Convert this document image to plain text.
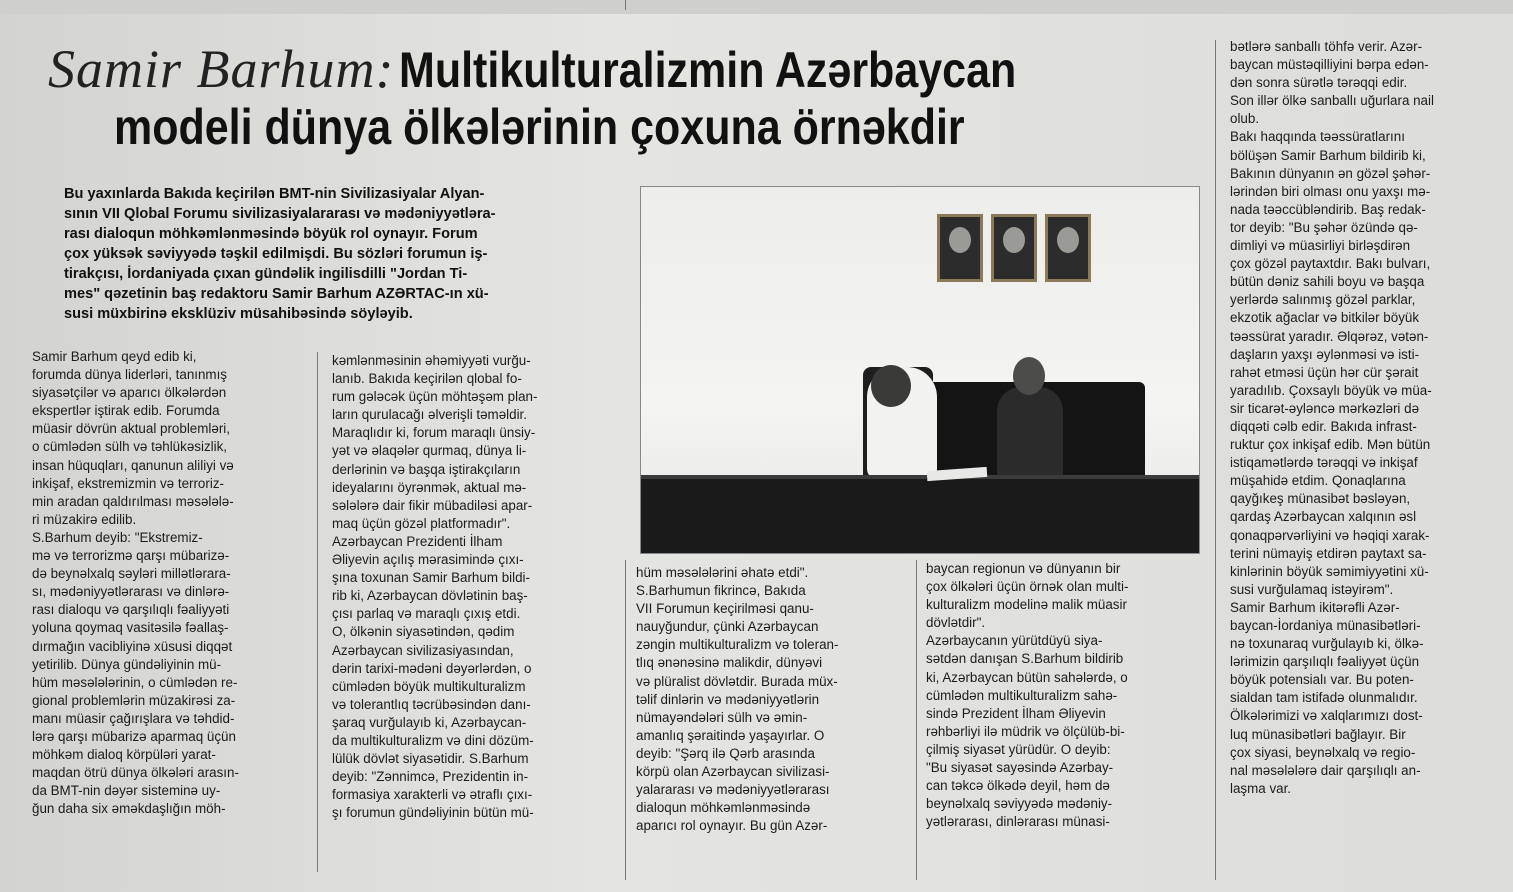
Samir Barhum: Multikulturalizmin Azərbaycan
modeli dünya ölkələrinin çoxuna örnəkdir
Bu yaxınlarda Bakıda keçirilən BMT-nin Sivilizasiyalar Alyan-
sının VII Qlobal Forumu sivilizasiyalararası və mədəniyyətlərа-
rası dialoqun möhkəmlənməsində böyük rol oynayır. Forum
çox yüksək səviyyədə təşkil edilmişdi. Bu sözləri forumun iş-
tirakçısı, İordaniyada çıxan gündəlik ingilisdilli "Jordan Ti-
mes" qəzetinin baş redaktoru Samir Barhum AZƏRTAC-ın xü-
susi müxbirinə eksklüziv müsahibəsində söyləyib.
Samir Barhum qeyd edib ki,
forumda dünya liderləri, tanınmış
siyasətçilər və aparıcı ölkələrdən
ekspertlər iştirak edib. Forumda
müasir dövrün aktual problemləri,
o cümlədən sülh və təhlükəsizlik,
insan hüquqları, qanunun aliliyi və
inkişaf, ekstremizmin və terroriz-
min aradan qaldırılması məsələlə-
ri müzakirə edilib.
S.Barhum deyib: "Ekstremiz-
mə və terrorizmə qarşı mübarizə-
də beynəlxalq səyləri millətlərara-
sı, mədəniyyətlərarası və dinlərə-
rası dialoqu və qarşılıqlı fəaliyyəti
yoluna qoymaq vasitəsilə fəallaş-
dırmağın vacibliyinə xüsusi diqqət
yetirilib. Dünya gündəliyinin mü-
hüm məsələlərinin, o cümlədən re-
gional problemlərin müzakirəsi za-
manı müasir çağırışlara və təhdid-
lərə qarşı mübarizə aparmaq üçün
möhkəm dialoq körpüləri yarat-
maqdan ötrü dünya ölkələri arasın-
da BMT-nin dəyər sisteminə uy-
ğun daha six əməkdaşlığın möh-
kəmlənməsinin əhəmiyyəti vurğu-
lanıb. Bakıda keçirilən qlobal fo-
rum gələcək üçün möhtəşəm plan-
ların qurulacağı əlverişli təməldir.
Maraqlıdır ki, forum maraqlı ünsiy-
yət və əlaqələr qurmaq, dünya li-
derlərinin və başqa iştirakçıların
ideyalarını öyrənmək, aktual mə-
sələlərə dair fikir mübadiləsi apar-
maq üçün gözəl platformadır".
Azərbaycan Prezidenti İlham
Əliyevin açılış mərasimində çıxı-
şına toxunan Samir Barhum bildi-
rib ki, Azərbaycan dövlətinin baş-
çısı parlaq və maraqlı çıxış etdi.
O, ölkənin siyasətindən, qədim
Azərbaycan sivilizasiyasından,
dərin tarixi-mədəni dəyərlərdən, o
cümlədən böyük multikulturalizm
və tolerantlıq təcrübəsindən danı-
şaraq vurğulayıb ki, Azərbaycan-
da multikulturalizm və dini dözüm-
lülük dövlət siyasətidir. S.Barhum
deyib: "Zənnimcə, Prezidentin in-
formasiya xarakterli və ətraflı çıxı-
şı forumun gündəliyinin bütün mü-
hüm məsələlərini əhatə etdi".
S.Barhumun fikrincə, Bakıda
VII Forumun keçirilməsi qanu-
nauyğundur, çünki Azərbaycan
zəngin multikulturalizm və toleran-
tlıq ənənəsinə malikdir, dünyəvi
və plüralist dövlətdir. Burada müx-
təlif dinlərin və mədəniyyətlərin
nümayəndələri sülh və əmin-
amanlıq şəraitində yaşayırlar. O
deyib: "Şərq ilə Qərb arasında
körpü olan Azərbaycan sivilizasi-
yalararası və mədəniyyətlərarası
dialoqun möhkəmlənməsində
aparıcı rol oynayır. Bu gün Azər-
baycan regionun və dünyanın bir
çox ölkələri üçün örnək olan multi-
kulturalizm modelinə malik müasir
dövlətdir".
Azərbaycanın yürütdüyü siya-
sətdən danışan S.Barhum bildirib
ki, Azərbaycan bütün sahələrdə, o
cümlədən multikulturalizm sahə-
sində Prezident İlham Əliyevin
rəhbərliyi ilə müdrik və ölçülüb-bi-
çilmiş siyasət yürüdür. O deyib:
"Bu siyasət sayəsində Azərbay-
can təkcə ölkədə deyil, həm də
beynəlxalq səviyyədə mədəniy-
yətlərarası, dinlərarası münasi-
bətlərə sanballı töhfə verir. Azər-
baycan müstəqilliyini bərpa edən-
dən sonra sürətlə tərəqqi edir.
Son illər ölkə sanballı uğurlara nail
olub.
Bakı haqqında təəssüratlarını
bölüşən Samir Barhum bildirib ki,
Bakının dünyanın ən gözəl şəhər-
lərindən biri olması onu yaxşı mə-
nada təəccübləndirib. Baş redak-
tor deyib: "Bu şəhər özündə qə-
dimliyi və müasirliyi birləşdirən
çox gözəl paytaxtdır. Bakı bulvarı,
bütün dəniz sahili boyu və başqa
yerlərdə salınmış gözəl parklar,
ekzotik ağaclar və bitkilər böyük
təəssürat yaradır. Əlqərəz, vətən-
daşların yaxşı əylənməsi və isti-
rahət etməsi üçün hər cür şərait
yaradılıb. Çoxsaylı böyük və müa-
sir ticarət-əyləncə mərkəzləri də
diqqəti cəlb edir. Bakıda infrast-
ruktur çox inkişaf edib. Mən bütün
istiqamətlərdə tərəqqi və inkişaf
müşahidə etdim. Qonaqlarına
qayğıkeş münasibət bəsləyən,
qardaş Azərbaycan xalqının əsl
qonaqpərvərliyini və həqiqi xarak-
terini nümayiş etdirən paytaxt sa-
kinlərinin böyük səmimiyyətini xü-
susi vurğulamaq istəyirəm".
Samir Barhum ikitərəfli Azər-
baycan-İordaniya münasibətləri-
nə toxunaraq vurğulayıb ki, ölkə-
lərimizin qarşılıqlı fəaliyyət üçün
böyük potensialı var. Bu poten-
sialdan tam istifadə olunmalıdır.
Ölkələrimizi və xalqlarımızı dost-
luq münasibətləri bağlayır. Bir
çox siyasi, beynəlxalq və regio-
nal məsələlərə dair qarşılıqlı an-
laşma var.
